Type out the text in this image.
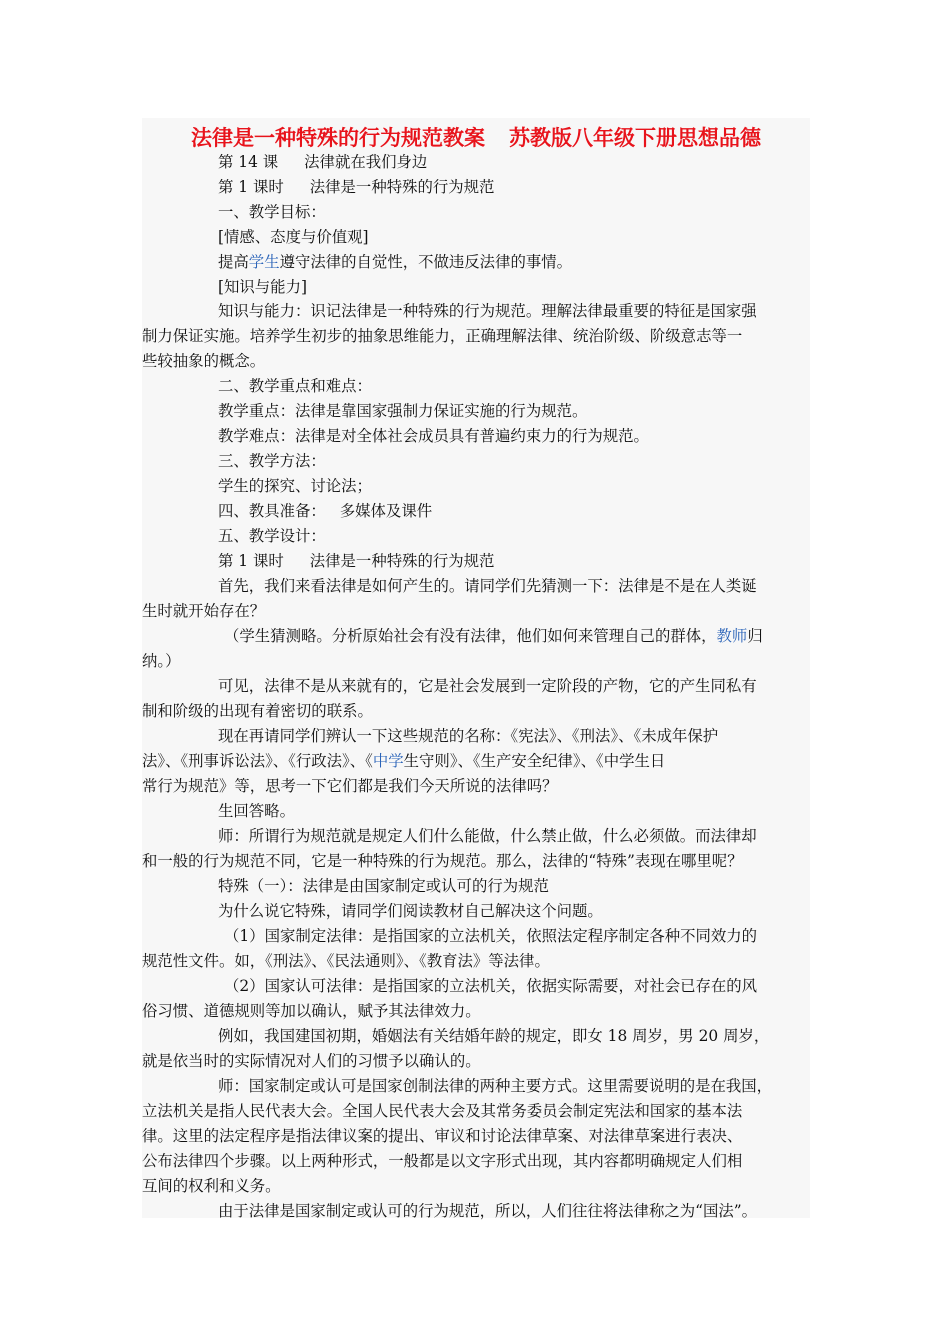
法律是一种特殊的行为规范教案 苏教版八年级下册思想品德
第 14 课 法律就在我们身边
第 1 课时 法律是一种特殊的行为规范
一、教学目标：
[情感、态度与价值观]
提高学生遵守法律的自觉性，不做违反法律的事情。
[知识与能力]
知识与能力：识记法律是一种特殊的行为规范。理解法律最重要的特征是国家强
制力保证实施。培养学生初步的抽象思维能力，正确理解法律、统治阶级、阶级意志等一
些较抽象的概念。
二、教学重点和难点：
教学重点：法律是靠国家强制力保证实施的行为规范。
教学难点：法律是对全体社会成员具有普遍约束力的行为规范。
三、教学方法：
学生的探究、讨论法；
四、教具准备： 多媒体及课件
五、教学设计：
第 1 课时 法律是一种特殊的行为规范
首先，我们来看法律是如何产生的。请同学们先猜测一下：法律是不是在人类诞
生时就开始存在？
（学生猜测略。分析原始社会有没有法律，他们如何来管理自己的群体，教师归
纳。）
可见，法律不是从来就有的，它是社会发展到一定阶段的产物，它的产生同私有
制和阶级的出现有着密切的联系。
现在再请同学们辨认一下这些规范的名称：《宪法》、《刑法》、《未成年保护
法》、《刑事诉讼法》、《行政法》、《中学生守则》、《生产安全纪律》、《中学生日
常行为规范》等，思考一下它们都是我们今天所说的法律吗？
生回答略。
师：所谓行为规范就是规定人们什么能做，什么禁止做，什么必须做。而法律却
和一般的行为规范不同，它是一种特殊的行为规范。那么，法律的“特殊”表现在哪里呢？
特殊（一）：法律是由国家制定或认可的行为规范
为什么说它特殊，请同学们阅读教材自己解决这个问题。
（1）国家制定法律：是指国家的立法机关，依照法定程序制定各种不同效力的
规范性文件。如，《刑法》、《民法通则》、《教育法》等法律。
（2）国家认可法律：是指国家的立法机关，依据实际需要，对社会已存在的风
俗习惯、道德规则等加以确认，赋予其法律效力。
例如，我国建国初期，婚姻法有关结婚年龄的规定，即女 18 周岁，男 20 周岁，
就是依当时的实际情况对人们的习惯予以确认的。
师：国家制定或认可是国家创制法律的两种主要方式。这里需要说明的是在我国，
立法机关是指人民代表大会。全国人民代表大会及其常务委员会制定宪法和国家的基本法
律。这里的法定程序是指法律议案的提出、审议和讨论法律草案、对法律草案进行表决、
公布法律四个步骤。以上两种形式，一般都是以文字形式出现，其内容都明确规定人们相
互间的权利和义务。
由于法律是国家制定或认可的行为规范，所以，人们往往将法律称之为“国法”。
